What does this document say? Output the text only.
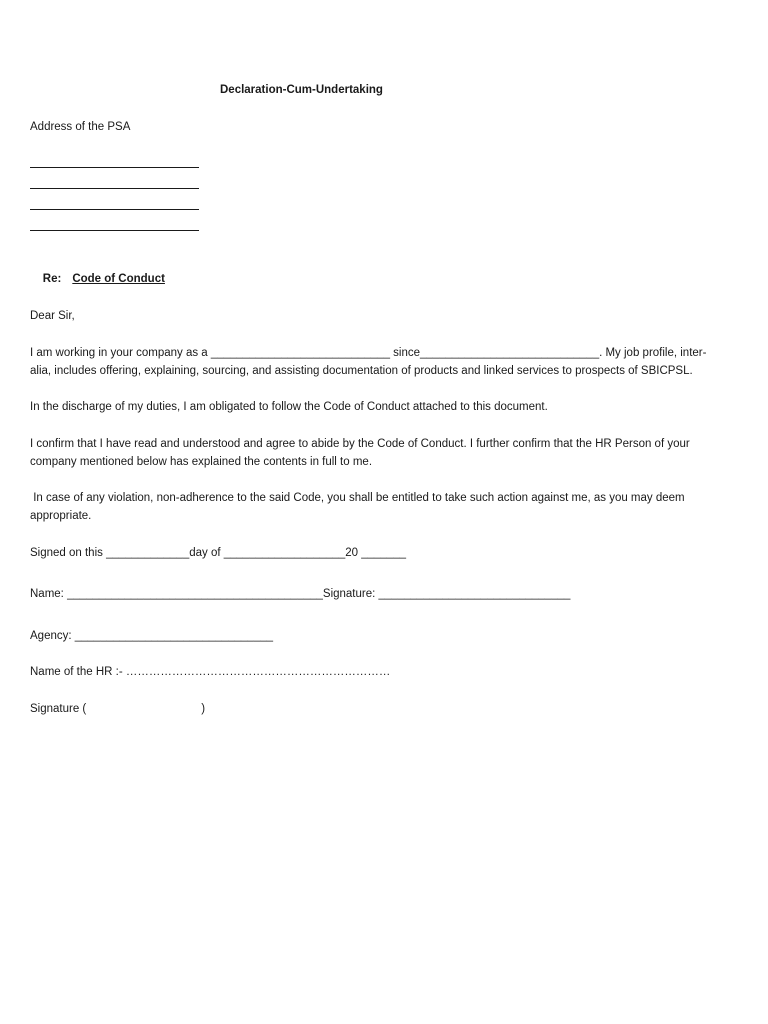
Declaration-Cum-Undertaking
Address of the PSA

Re: Code of Conduct

Dear Sir,
I am working in your company as a ____________________________ since____________________________. My job profile, inter-
alia, includes offering, explaining, sourcing, and assisting documentation of products and linked services to prospects of SBICPSL.
In the discharge of my duties, I am obligated to follow the Code of Conduct attached to this document.
I confirm that I have read and understood and agree to abide by the Code of Conduct. I further confirm that the HR Person of your
company mentioned below has explained the contents in full to me.
In case of any violation, non-adherence to the said Code, you shall be entitled to take such action against me, as you may deem
appropriate.
Signed on this _____________day of ___________________20 _______
Name: ________________________________________Signature: ______________________________
Agency: _______________________________
Name of the HR :- ……………………………………………………………
Signature (                                    )
